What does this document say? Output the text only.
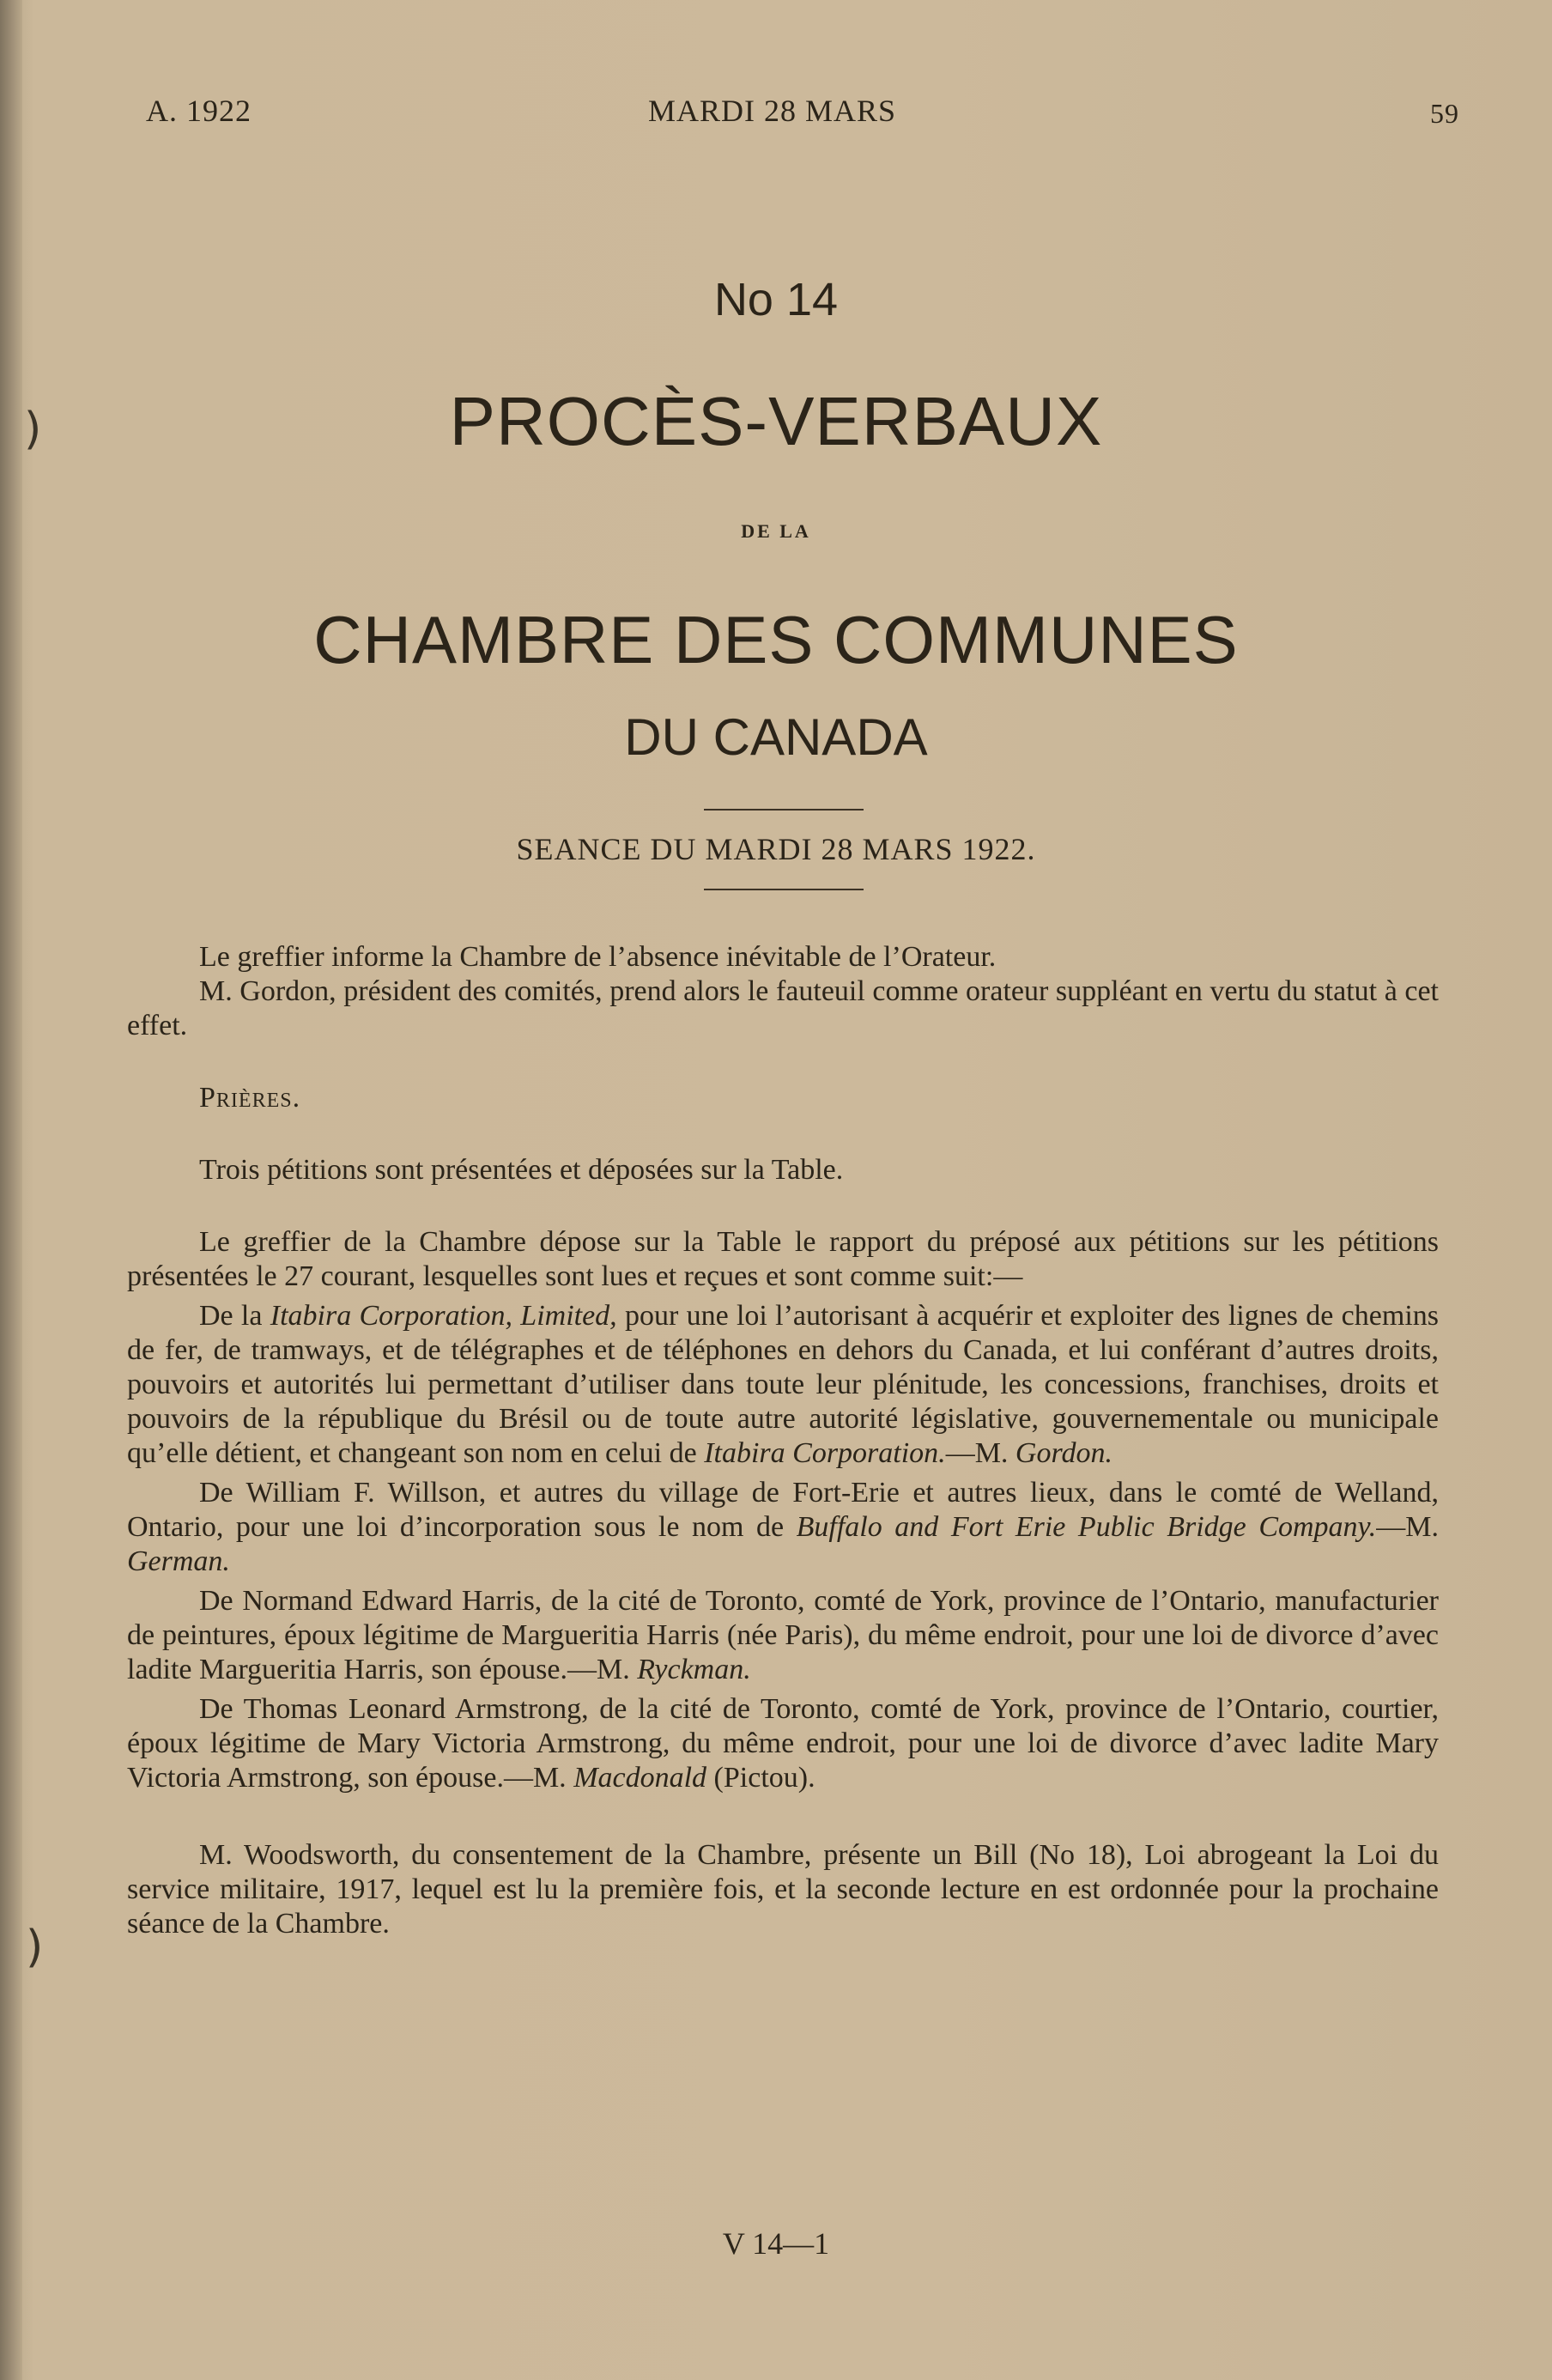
)
)
A. 1922	MARDI 28 MARS	59
No 14
PROCÈS-VERBAUX
DE LA
CHAMBRE DES COMMUNES
DU CANADA
SEANCE DU MARDI 28 MARS 1922.

Le greffier informe la Chambre de l’absence inévitable de l’Orateur.

M. Gordon, président des comités, prend alors le fauteuil comme orateur suppléant en vertu du statut à cet effet.

Prières.

Trois pétitions sont présentées et déposées sur la Table.

Le greffier de la Chambre dépose sur la Table le rapport du préposé aux pétitions sur les pétitions présentées le 27 courant, lesquelles sont lues et reçues et sont comme suit:—

De la Itabira Corporation, Limited, pour une loi l’autorisant à acquérir et exploiter des lignes de chemins de fer, de tramways, et de télégraphes et de téléphones en dehors du Canada, et lui conférant d’autres droits, pouvoirs et autorités lui permettant d’utiliser dans toute leur plénitude, les concessions, franchises, droits et pouvoirs de la république du Brésil ou de toute autre autorité législative, gouvernementale ou municipale qu’elle détient, et changeant son nom en celui de Itabira Corporation.—M. Gordon.

De William F. Willson, et autres du village de Fort-Erie et autres lieux, dans le comté de Welland, Ontario, pour une loi d’incorporation sous le nom de Buffalo and Fort Erie Public Bridge Company.—M. German.

De Normand Edward Harris, de la cité de Toronto, comté de York, province de l’Ontario, manufacturier de peintures, époux légitime de Margueritia Harris (née Paris), du même endroit, pour une loi de divorce d’avec ladite Margueritia Harris, son épouse.—M. Ryckman.

De Thomas Leonard Armstrong, de la cité de Toronto, comté de York, province de l’Ontario, courtier, époux légitime de Mary Victoria Armstrong, du même endroit, pour une loi de divorce d’avec ladite Mary Victoria Armstrong, son épouse.—M. Macdonald (Pictou).

M. Woodsworth, du consentement de la Chambre, présente un Bill (No 18), Loi abrogeant la Loi du service militaire, 1917, lequel est lu la première fois, et la seconde lecture en est ordonnée pour la prochaine séance de la Chambre.

V 14—1
